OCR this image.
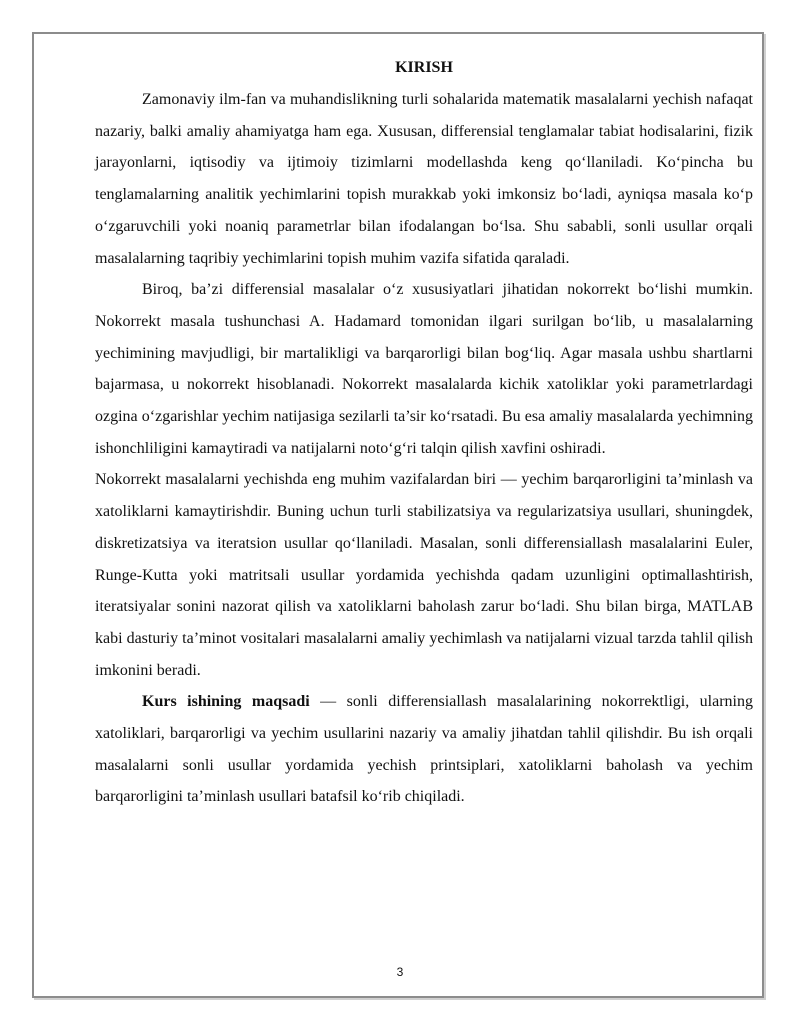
KIRISH

Zamonaviy ilm-fan va muhandislikning turli sohalarida matematik masalalarni yechish nafaqat nazariy, balki amaliy ahamiyatga ham ega. Xususan, differensial tenglamalar tabiat hodisalarini, fizik jarayonlarni, iqtisodiy va ijtimoiy tizimlarni modellashda keng qo‘llaniladi. Ko‘pincha bu tenglamalarning analitik yechimlarini topish murakkab yoki imkonsiz bo‘ladi, ayniqsa masala ko‘p o‘zgaruvchili yoki noaniq parametrlar bilan ifodalangan bo‘lsa. Shu sababli, sonli usullar orqali masalalarning taqribiy yechimlarini topish muhim vazifa sifatida qaraladi.

Biroq, ba’zi differensial masalalar o‘z xususiyatlari jihatidan nokorrekt bo‘lishi mumkin. Nokorrekt masala tushunchasi A. Hadamard tomonidan ilgari surilgan bo‘lib, u masalalarning yechimining mavjudligi, bir martalikligi va barqarorligi bilan bog‘liq. Agar masala ushbu shartlarni bajarmasa, u nokorrekt hisoblanadi. Nokorrekt masalalarda kichik xatoliklar yoki parametrlardagi ozgina o‘zgarishlar yechim natijasiga sezilarli ta’sir ko‘rsatadi. Bu esa amaliy masalalarda yechimning ishonchliligini kamaytiradi va natijalarni noto‘g‘ri talqin qilish xavfini oshiradi.

Nokorrekt masalalarni yechishda eng muhim vazifalardan biri — yechim barqarorligini ta’minlash va xatoliklarni kamaytirishdir. Buning uchun turli stabilizatsiya va regularizatsiya usullari, shuningdek, diskretizatsiya va iteratsion usullar qo‘llaniladi. Masalan, sonli differensiallash masalalarini Euler, Runge-Kutta yoki matritsali usullar yordamida yechishda qadam uzunligini optimallashtirish, iteratsiyalar sonini nazorat qilish va xatoliklarni baholash zarur bo‘ladi. Shu bilan birga, MATLAB kabi dasturiy ta’minot vositalari masalalarni amaliy yechimlash va natijalarni vizual tarzda tahlil qilish imkonini beradi.

Kurs ishining maqsadi — sonli differensiallash masalalarining nokorrektligi, ularning xatoliklari, barqarorligi va yechim usullarini nazariy va amaliy jihatdan tahlil qilishdir. Bu ish orqali masalalarni sonli usullar yordamida yechish printsiplari, xatoliklarni baholash va yechim barqarorligini ta’minlash usullari batafsil ko‘rib chiqiladi.

3
